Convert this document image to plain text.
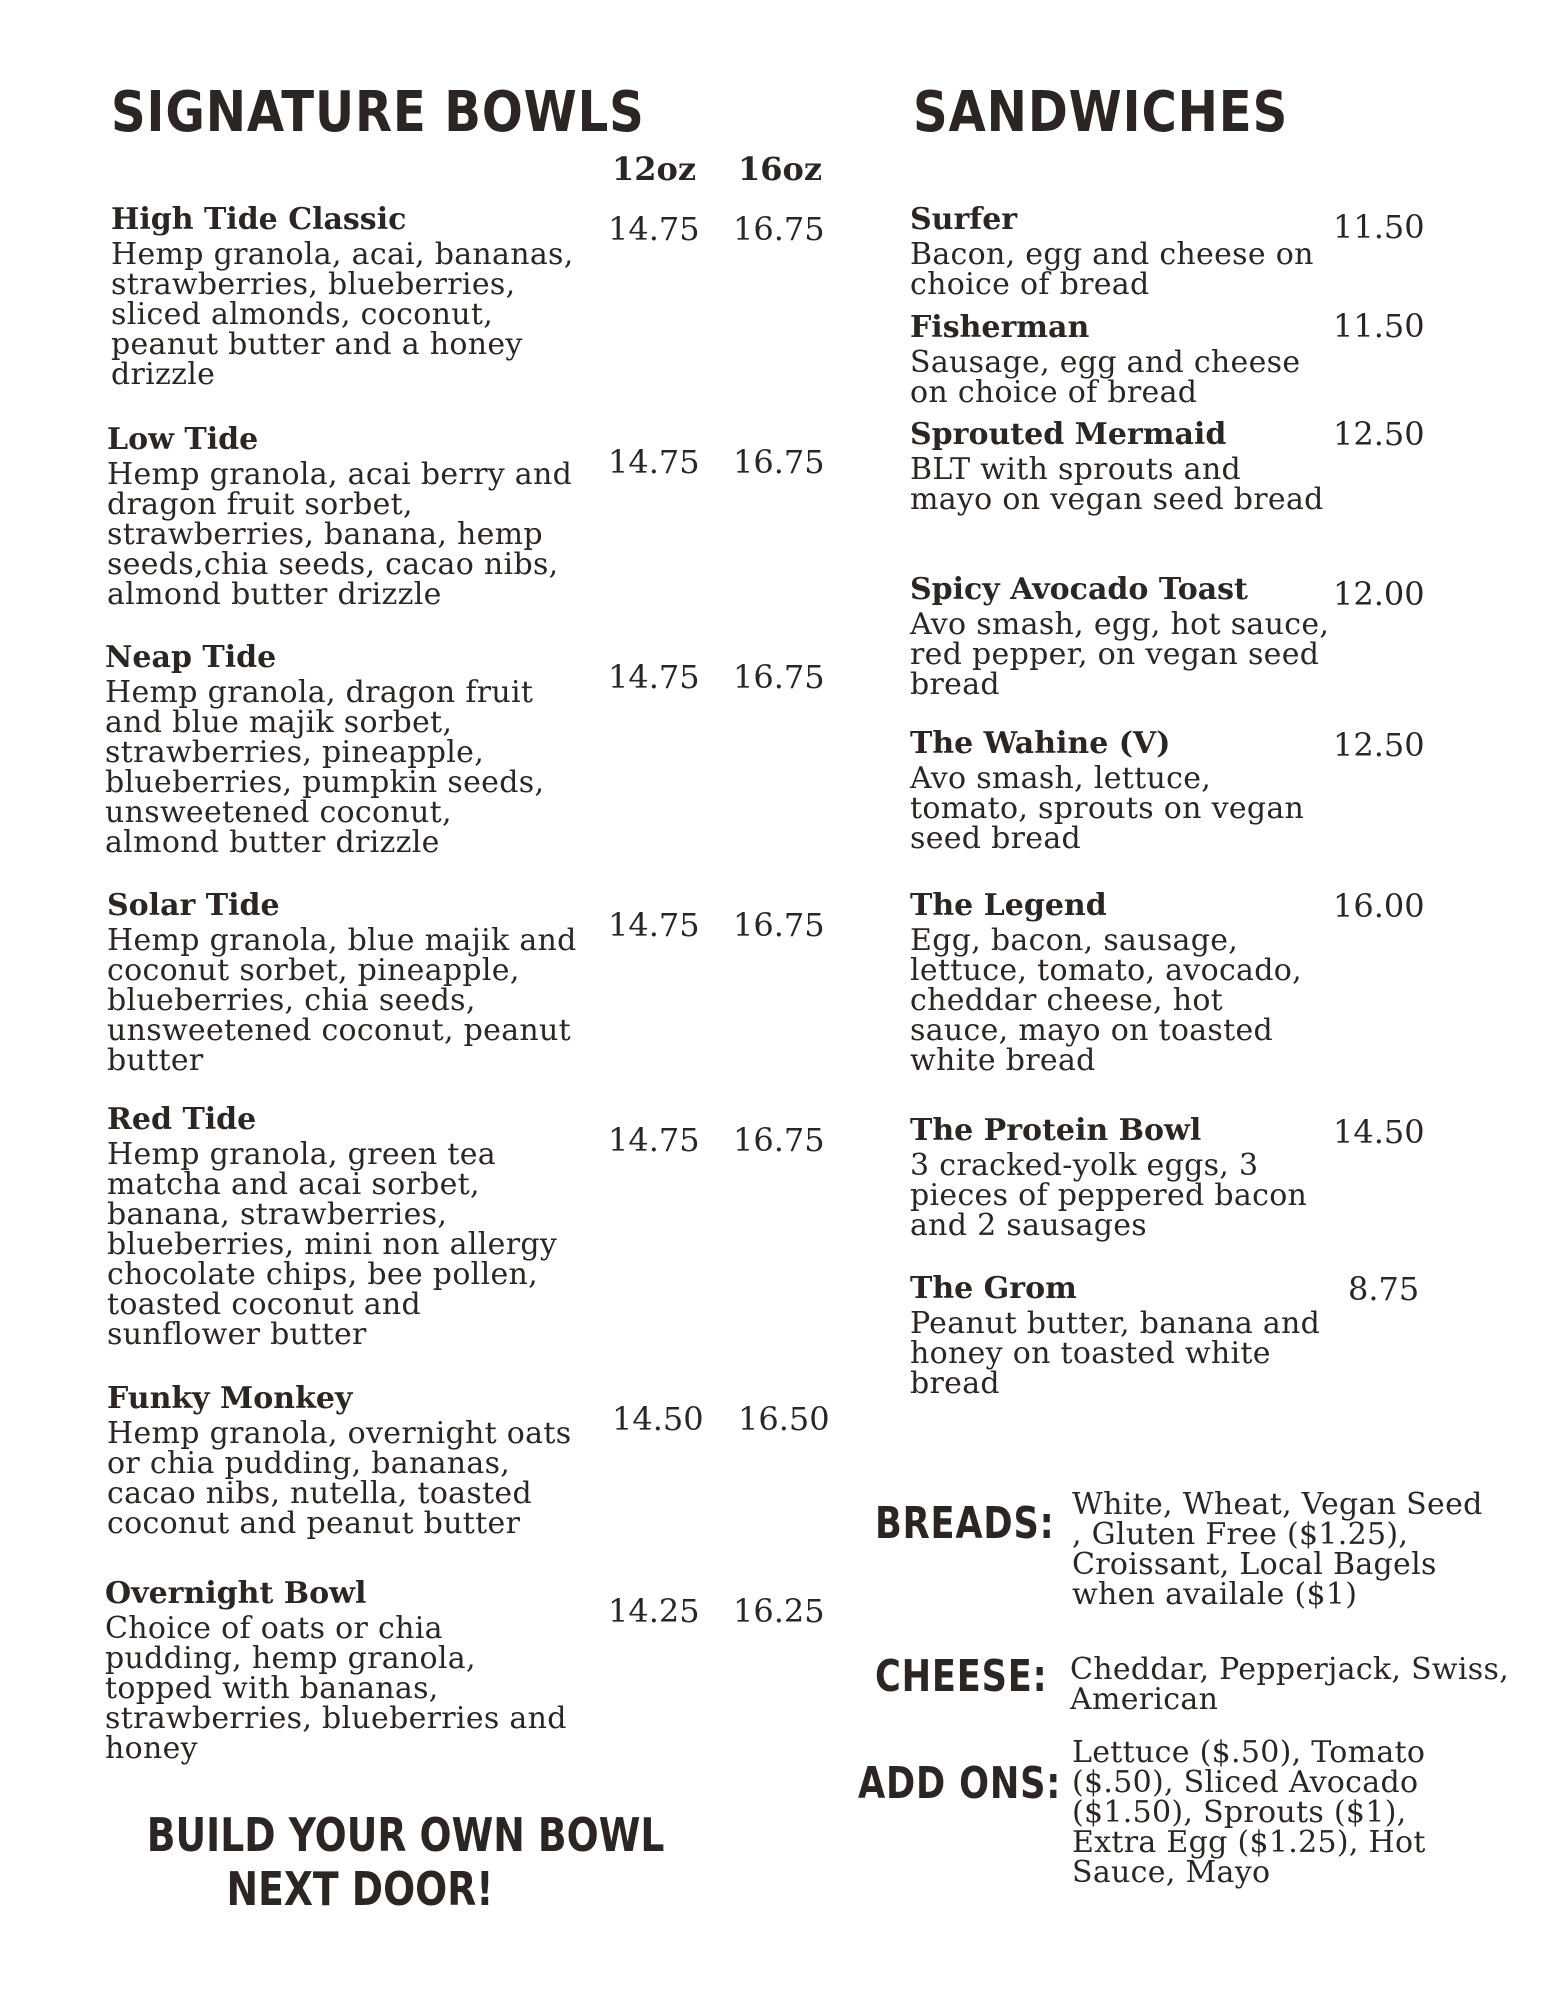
SIGNATURE BOWLS
12oz 16oz
High Tide Classic
Hemp granola, acai, bananas, strawberries, blueberries, sliced almonds, coconut, peanut butter and a honey drizzle
14.75 16.75
Low Tide
Hemp granola, acai berry and dragon fruit sorbet, strawberries, banana, hemp seeds,chia seeds, cacao nibs, almond butter drizzle
14.75 16.75
Neap Tide
Hemp granola, dragon fruit and blue majik sorbet, strawberries, pineapple, blueberries, pumpkin seeds, unsweetened coconut, almond butter drizzle
14.75 16.75
Solar Tide
Hemp granola, blue majik and coconut sorbet, pineapple, blueberries, chia seeds, unsweetened coconut, peanut butter
14.75 16.75
Red Tide
Hemp granola, green tea matcha and acai sorbet, banana, strawberries, blueberries, mini non allergy chocolate chips, bee pollen, toasted coconut and sunflower butter
14.75 16.75
Funky Monkey
Hemp granola, overnight oats or chia pudding, bananas, cacao nibs, nutella, toasted coconut and peanut butter
14.50 16.50
Overnight Bowl
Choice of oats or chia pudding, hemp granola, topped with bananas, strawberries, blueberries and honey
14.25 16.25
BUILD YOUR OWN BOWL
NEXT DOOR!
SANDWICHES
Surfer
Bacon, egg and cheese on choice of bread
11.50
Fisherman
Sausage, egg and cheese on choice of bread
11.50
Sprouted Mermaid
BLT with sprouts and mayo on vegan seed bread
12.50
Spicy Avocado Toast
Avo smash, egg, hot sauce, red pepper, on vegan seed bread
12.00
The Wahine (V)
Avo smash, lettuce, tomato, sprouts on vegan seed bread
12.50
The Legend
Egg, bacon, sausage, lettuce, tomato, avocado, cheddar cheese, hot sauce, mayo on toasted white bread
16.00
The Protein Bowl
3 cracked-yolk eggs, 3 pieces of peppered bacon and 2 sausages
14.50
The Grom
Peanut butter, banana and honey on toasted white bread
8.75
BREADS: White, Wheat, Vegan Seed , Gluten Free ($1.25), Croissant, Local Bagels when availale ($1)
CHEESE: Cheddar, Pepperjack, Swiss, American
ADD ONS:
Lettuce ($.50), Tomato ($.50), Sliced Avocado ($1.50), Sprouts ($1), Extra Egg ($1.25), Hot Sauce, Mayo
